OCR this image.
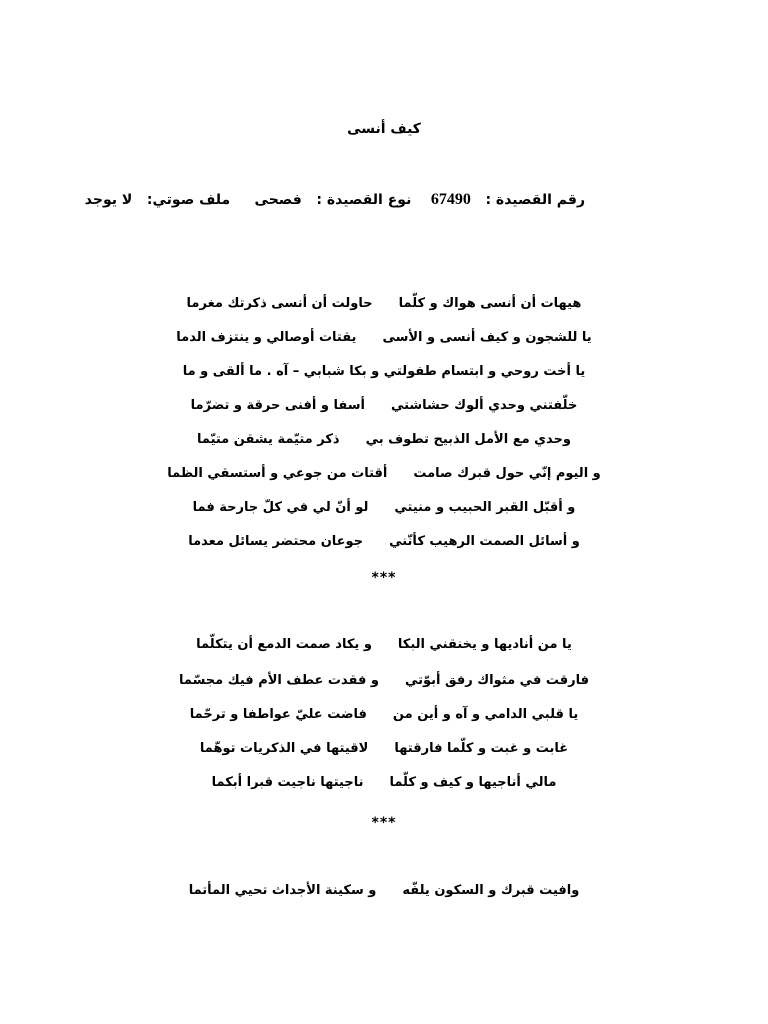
كيف أنسى
رقم القصيدة :   67490    نوع القصيدة :   فصحى     ملف صوتي:   لا يوجد
هيهات أن أنسى هواك و كلّماحاولت أن أنسى ذكرتك مغرما
يا للشجون و كيف أنسى و الأسىيقتات أوصالي و ينتزف الدما
يا أخت روحي و ابتسام طفولتي و بكا شبابي – آه . ما ألقى و ما
خلّفتني وحدي ألوك حشاشتيأسفا و أفنى حرقة و تضرّما
وحدي مع الأمل الذبيح تطوف بيذكر متيّمة يشقن متيّما
و اليوم إنّي حول قبرك صامتأقتات من جوعي و أستسقي الظما
و أقبّل القبر الحبيب و منيتيلو أنّ لي في كلّ جارحة فما
و أسائل الصمت الرهيب كأنّنيجوعان محتضر يسائل معدما
***
يا من أناديها و يخنقني البكاو يكاد صمت الدمع أن يتكلّما
فارقت في مثواك رفق أبوّتيو فقدت عطف الأم فيك مجسّما
يا قلبي الدامي و آه و أين منفاضت عليّ عواطفا و ترحّما
غابت و غبت و كلّما فارقتهالاقيتها في الذكريات توهّما
مالي أناجيها و كيف و كلّماناجيتها ناجيت قبرا أبكما
***
وافيت قبرك و السكون يلفّهو سكينة الأجداث تحيي المأتما
